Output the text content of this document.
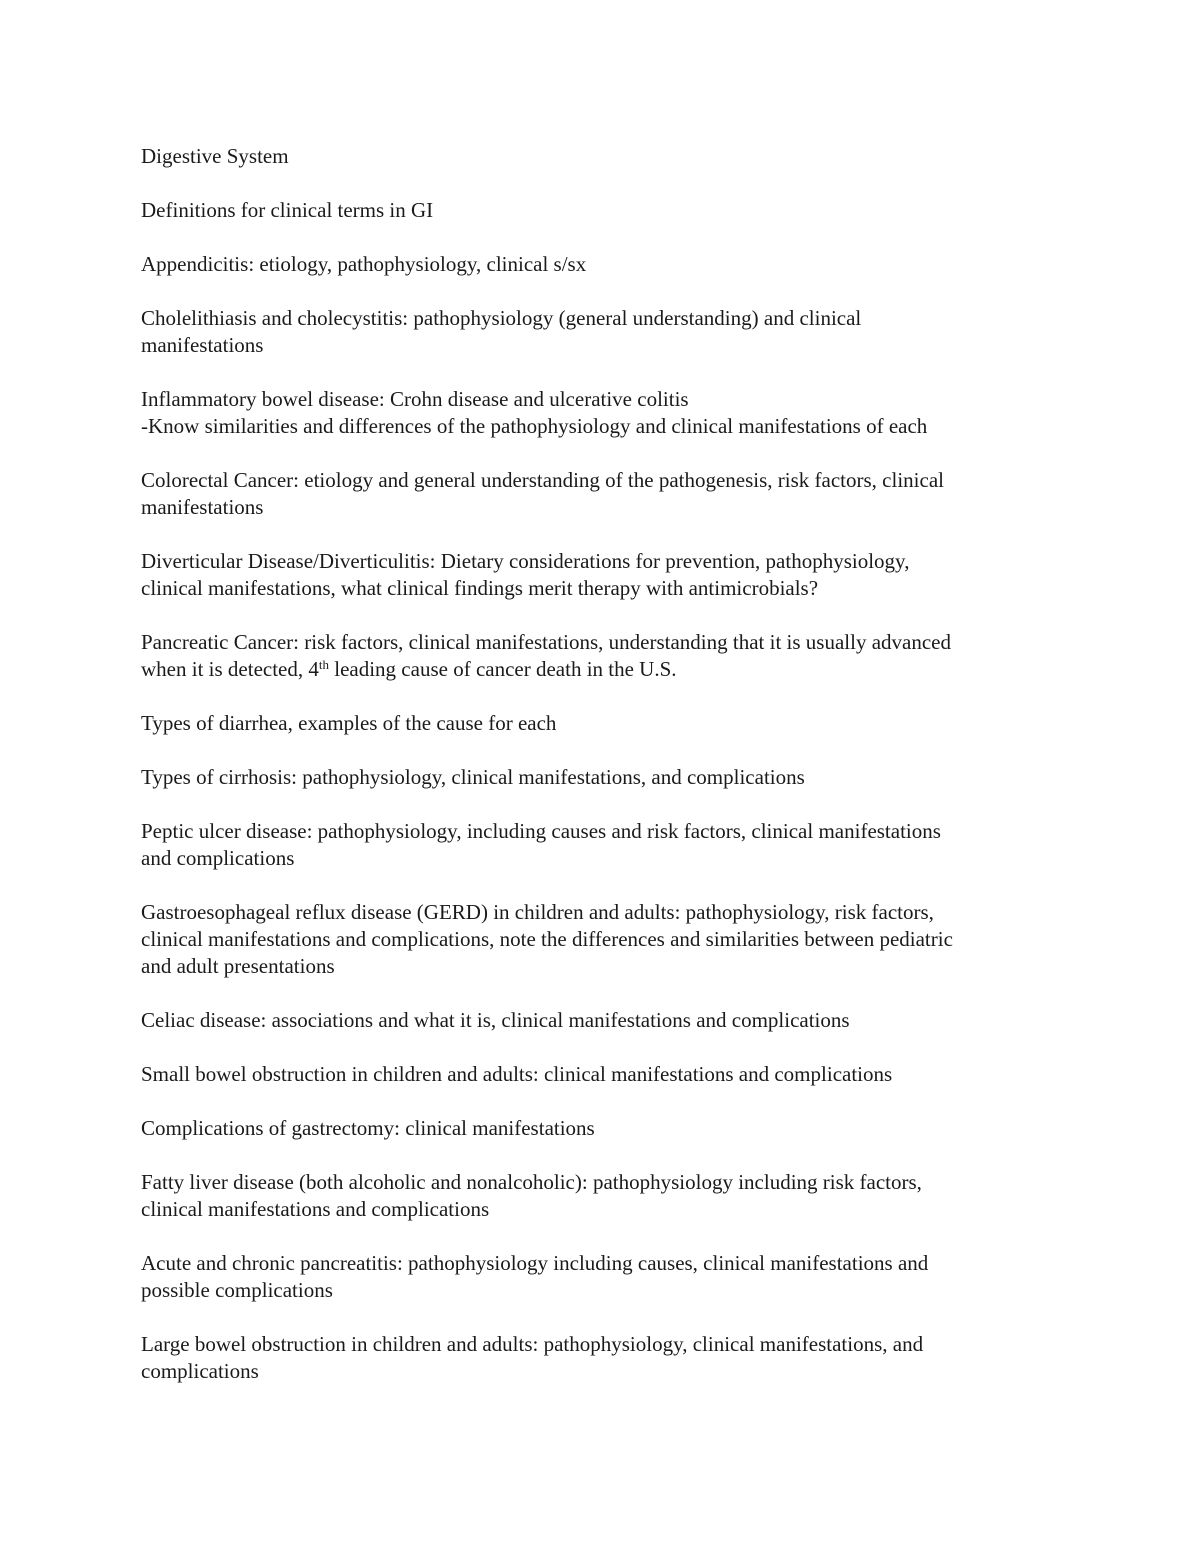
Digestive System

Definitions for clinical terms in GI

Appendicitis: etiology, pathophysiology, clinical s/sx

Cholelithiasis and cholecystitis: pathophysiology (general understanding) and clinical
manifestations

Inflammatory bowel disease: Crohn disease and ulcerative colitis
-Know similarities and differences of the pathophysiology and clinical manifestations of each

Colorectal Cancer: etiology and general understanding of the pathogenesis, risk factors, clinical
manifestations

Diverticular Disease/Diverticulitis: Dietary considerations for prevention, pathophysiology,
clinical manifestations, what clinical findings merit therapy with antimicrobials?

Pancreatic Cancer: risk factors, clinical manifestations, understanding that it is usually advanced
when it is detected, 4th leading cause of cancer death in the U.S.

Types of diarrhea, examples of the cause for each

Types of cirrhosis: pathophysiology, clinical manifestations, and complications

Peptic ulcer disease: pathophysiology, including causes and risk factors, clinical manifestations
and complications

Gastroesophageal reflux disease (GERD) in children and adults: pathophysiology, risk factors,
clinical manifestations and complications, note the differences and similarities between pediatric
and adult presentations

Celiac disease: associations and what it is, clinical manifestations and complications

Small bowel obstruction in children and adults: clinical manifestations and complications

Complications of gastrectomy: clinical manifestations

Fatty liver disease (both alcoholic and nonalcoholic): pathophysiology including risk factors,
clinical manifestations and complications

Acute and chronic pancreatitis: pathophysiology including causes, clinical manifestations and
possible complications

Large bowel obstruction in children and adults: pathophysiology, clinical manifestations, and
complications
